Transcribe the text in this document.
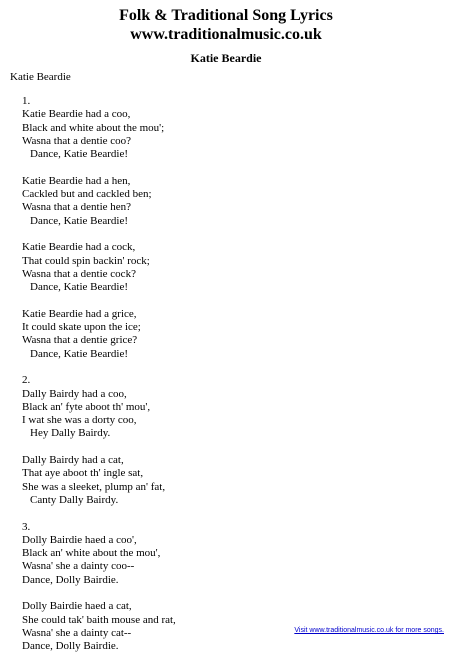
Folk & Traditional Song Lyrics
www.traditionalmusic.co.uk
Katie Beardie
Katie Beardie
1.
Katie Beardie had a coo,
Black and white about the mou';
Wasna that a dentie coo?
Dance, Katie Beardie!
Katie Beardie had a hen,
Cackled but and cackled ben;
Wasna that a dentie hen?
Dance, Katie Beardie!
Katie Beardie had a cock,
That could spin backin' rock;
Wasna that a dentie cock?
Dance, Katie Beardie!
Katie Beardie had a grice,
It could skate upon the ice;
Wasna that a dentie grice?
Dance, Katie Beardie!
2.
Dally Bairdy had a coo,
Black an' fyte aboot th' mou',
I wat she was a dorty coo,
Hey Dally Bairdy.
Dally Bairdy had a cat,
That aye aboot th' ingle sat,
She was a sleeket, plump an' fat,
Canty Dally Bairdy.
3.
Dolly Bairdie haed a coo',
Black an' white about the mou',
Wasna' she a dainty coo--
Dance, Dolly Bairdie.
Dolly Bairdie haed a cat,
She could tak' baith mouse and rat,
Wasna' she a dainty cat--
Dance, Dolly Bairdie.
Visit www.traditionalmusic.co.uk for more songs.
